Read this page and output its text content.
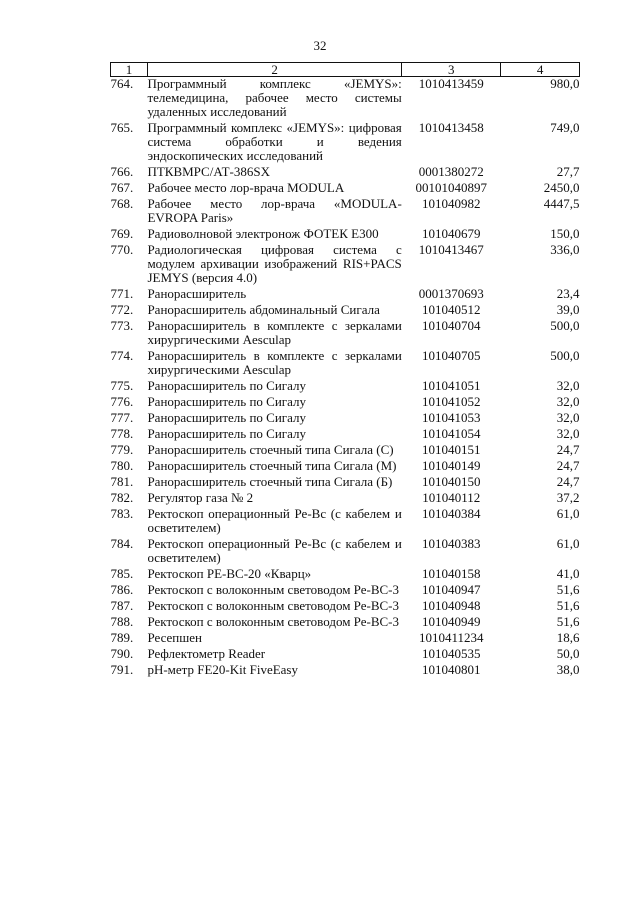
32
1	2	3	4
764.	Программный комплекс «JEMYS»: телемедицина, рабочее место системы удаленных исследований	1010413459	980,0
765.	Программный комплекс «JEMYS»: цифровая система обработки и ведения эндоскопических исследований	1010413458	749,0
766.	ПТКВМРС/АТ-386SX	0001380272	27,7
767.	Рабочее место лор-врача MODULA	00101040897	2450,0
768.	Рабочее место лор-врача «MODULA-EVROPA Paris»	101040982	4447,5
769.	Радиоволновой электронож ФОТЕК Е300	101040679	150,0
770.	Радиологическая цифровая система с модулем архивации изображений RIS+PACS JEMYS (версия 4.0)	1010413467	336,0
771.	Ранорасширитель	0001370693	23,4
772.	Ранорасширитель абдоминальный Сигала	101040512	39,0
773.	Ранорасширитель в комплекте с зеркалами хирургическими Aesculap	101040704	500,0
774.	Ранорасширитель в комплекте с зеркалами хирургическими Aesculap	101040705	500,0
775.	Ранорасширитель по Сигалу	101041051	32,0
776.	Ранорасширитель по Сигалу	101041052	32,0
777.	Ранорасширитель по Сигалу	101041053	32,0
778.	Ранорасширитель по Сигалу	101041054	32,0
779.	Ранорасширитель стоечный типа Сигала (С)	101040151	24,7
780.	Ранорасширитель стоечный типа Сигала (М)	101040149	24,7
781.	Ранорасширитель стоечный типа Сигала (Б)	101040150	24,7
782.	Регулятор газа № 2	101040112	37,2
783.	Ректоскоп операционный Ре-Вс (с кабелем и осветителем)	101040384	61,0
784.	Ректоскоп операционный Ре-Вс (с кабелем и осветителем)	101040383	61,0
785.	Ректоскоп РЕ-ВС-20 «Кварц»	101040158	41,0
786.	Ректоскоп с волоконным световодом Ре-ВС-3	101040947	51,6
787.	Ректоскоп с волоконным световодом Ре-ВС-3	101040948	51,6
788.	Ректоскоп с волоконным световодом Ре-ВС-3	101040949	51,6
789.	Ресепшен	1010411234	18,6
790.	Рефлектометр Reader	101040535	50,0
791.	pH-метр FE20-Kit FiveEasy	101040801	38,0
